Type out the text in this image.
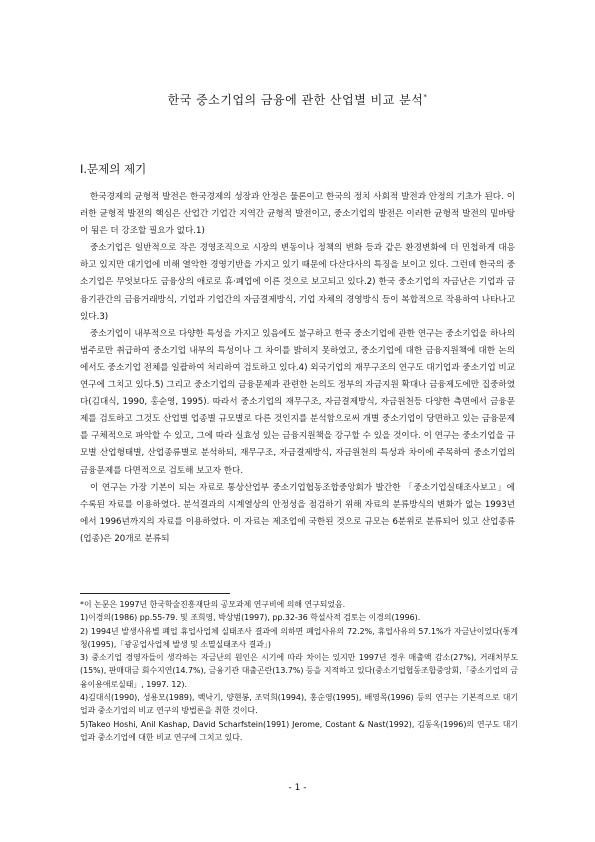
한국 중소기업의 금융에 관한 산업별 비교 분석*
Ⅰ.문제의 제기

한국경제의 균형적 발전은 한국경제의 성장과 안정은 물론이고 한국의 정치 사회적 발전과 안정의 기초가 된다. 이러한 균형적 발전의 핵심은 산업간 기업간 지역간 균형적 발전이고, 중소기업의 발전은 이러한 균형적 발전의 밑바탕이 됨은 더 강조할 필요가 없다.1)

중소기업은 일반적으로 작은 경영조직으로 시장의 변동이나 정책의 변화 등과 같은 환경변화에 더 민첩하게 대응하고 있지만 대기업에 비해 열악한 경영기반을 가지고 있기 때문에 다산다사의 특징을 보이고 있다. 그런데 한국의 중소기업은 무엇보다도 금융상의 애로로 휴·폐업에 이른 것으로 보고되고 있다.2) 한국 중소기업의 자금난은 기업과 금융기관간의 금융거래방식, 기업과 기업간의 자금결제방식, 기업 자체의 경영방식 등이 복합적으로 작용하여 나타나고 있다.3)

중소기업이 내부적으로 다양한 특성을 가지고 있음에도 불구하고 한국 중소기업에 관한 연구는 중소기업을 하나의 범주로만 취급하여 중소기업 내부의 특성이나 그 차이를 밝히지 못하였고, 중소기업에 대한 금융지원책에 대한 논의에서도 중소기업 전체를 일괄하여 처리하여 검토하고 있다.4) 외국기업의 재무구조의 연구도 대기업과 중소기업 비교 연구에 그치고 있다.5) 그리고 중소기업의 금융문제과 관련한 논의도 정부의 자금지원 확대나 금융제도에만 집중하였다(김대식, 1990, 홍순영, 1995). 따라서 중소기업의 재무구조, 자금결제방식, 자금원천등 다양한 측면에서 금융문제를 검토하고 그것도 산업별 업종별 규모별로 다른 것인지를 분석함으로써 개별 중소기업이 당면하고 있는 금융문제를 구체적으로 파악할 수 있고, 그에 따라 실효성 있는 금융지원책을 강구할 수 있을 것이다. 이 연구는 중소기업을 규모별 산업형태별, 산업종류별로 분석하되, 재무구조, 자금결제방식, 자금원천의 특성과 차이에 주목하여 중소기업의 금융문제를 다면적으로 검토해 보고자 한다.

이 연구는 가장 기본이 되는 자료로 통상산업부 중소기업협동조합중앙회가 발간한 「중소기업실태조사보고」에 수록된 자료를 이용하였다. 분석결과의 시계열상의 안정성을 점검하기 위해 자료의 분류방식의 변화가 없는 1993년에서 1996년까지의 자료를 이용하였다. 이 자료는 제조업에 국한된 것으로 규모는 6분위로 분류되어 있고 산업종류(업종)은 20개로 분류되

*이 논문은 1997년 한국학술진흥재단의 공모과제 연구비에 의해 연구되었음.

1)이경의(1986) pp.55-79. 및 조희영, 박상범(1997), pp.32-36 학설사적 검토는 이경의(1996).

2) 1994년 발생사유별 폐업 휴업사업체 실태조사 결과에 의하면 폐업사유의 72.2%, 휴업사유의 57.1%가 자금난이었다(통계청(1995),「광공업사업체 발생 및 소멸실태조사 결과」)

3) 중소기업 경영자들이 생각하는 자금난의 원인은 시기에 따라 차이는 있지만 1997년 경우 매출액 감소(27%), 거래처부도(15%), 판매대금 회수지연(14.7%), 금융기관 대출곤란(13.7%) 등을 지적하고 있다(중소기업협동조합중앙회,「중소기업의 금융이용애로실태」, 1997. 12).

4)김대식(1990), 성용모(1989), 백낙기, 양현봉, 조덕희(1994), 홍순영(1995), 배영목(1996) 등의 연구는 기본적으로 대기업과 중소기업의 비교 연구의 방법론을 취한 것이다.

5)Takeo Hoshi, Anil Kashap, David Scharfstein(1991) Jerome, Costant & Nast(1992), 김동옥(1996)의 연구도 대기업과 중소기업에 대한 비교 연구에 그치고 있다.

- 1 -
